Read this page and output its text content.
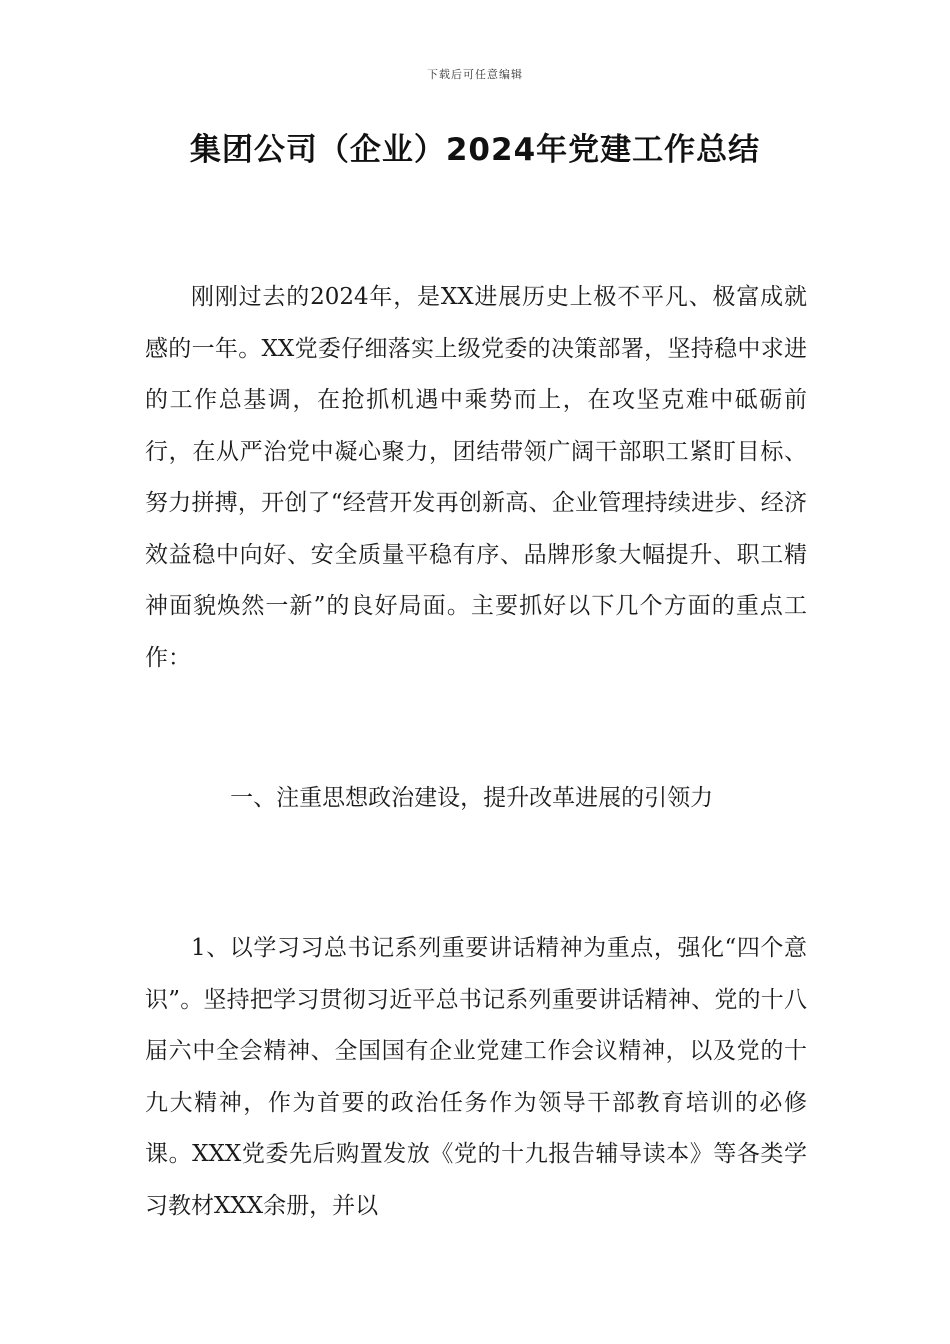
下载后可任意编辑
集团公司（企业）2024年党建工作总结

刚刚过去的2024年，是XX进展历史上极不平凡、极富成就感的一年。XX党委仔细落实上级党委的决策部署，坚持稳中求进的工作总基调，在抢抓机遇中乘势而上，在攻坚克难中砥砺前行，在从严治党中凝心聚力，团结带领广阔干部职工紧盯目标、努力拼搏，开创了“经营开发再创新高、企业管理持续进步、经济效益稳中向好、安全质量平稳有序、品牌形象大幅提升、职工精神面貌焕然一新”的良好局面。主要抓好以下几个方面的重点工作：

一、注重思想政治建设，提升改革进展的引领力

1、以学习习总书记系列重要讲话精神为重点，强化“四个意识”。坚持把学习贯彻习近平总书记系列重要讲话精神、党的十八届六中全会精神、全国国有企业党建工作会议精神，以及党的十九大精神，作为首要的政治任务作为领导干部教育培训的必修课。XXX党委先后购置发放《党的十九报告辅导读本》等各类学习教材XXX余册，并以
